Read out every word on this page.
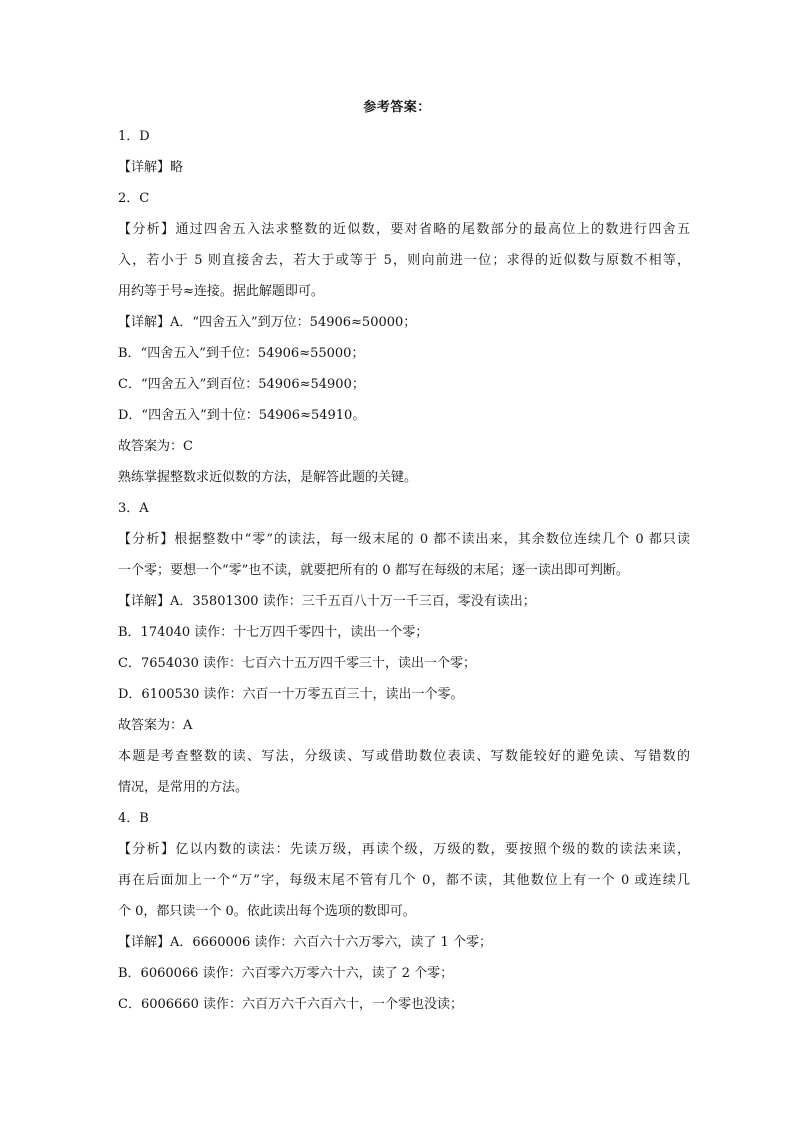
参考答案：
1．D
【详解】略
2．C
【分析】通过四舍五入法求整数的近似数，要对省略的尾数部分的最高位上的数进行四舍五
入，若小于 5 则直接舍去，若大于或等于 5，则向前进一位；求得的近似数与原数不相等，
用约等于号≈连接。据此解题即可。
【详解】A．“四舍五入”到万位：54906≈50000；
B．“四舍五入”到千位：54906≈55000；
C．“四舍五入”到百位：54906≈54900；
D．“四舍五入”到十位：54906≈54910。
故答案为：C
熟练掌握整数求近似数的方法，是解答此题的关键。
3．A
【分析】根据整数中“零”的读法，每一级末尾的 0 都不读出来，其余数位连续几个 0 都只读
一个零；要想一个“零”也不读，就要把所有的 0 都写在每级的末尾；逐一读出即可判断。
【详解】A．35801300 读作：三千五百八十万一千三百，零没有读出；
B．174040 读作：十七万四千零四十，读出一个零；
C．7654030 读作：七百六十五万四千零三十，读出一个零；
D．6100530 读作：六百一十万零五百三十，读出一个零。
故答案为：A
本题是考查整数的读、写法，分级读、写或借助数位表读、写数能较好的避免读、写错数的
情况，是常用的方法。
4．B
【分析】亿以内数的读法：先读万级，再读个级，万级的数，要按照个级的数的读法来读，
再在后面加上一个“万”字，每级末尾不管有几个 0，都不读，其他数位上有一个 0 或连续几
个 0，都只读一个 0。依此读出每个选项的数即可。
【详解】A．6660006 读作：六百六十六万零六，读了 1 个零；
B．6060066 读作：六百零六万零六十六，读了 2 个零；
C．6006660 读作：六百万六千六百六十，一个零也没读；
